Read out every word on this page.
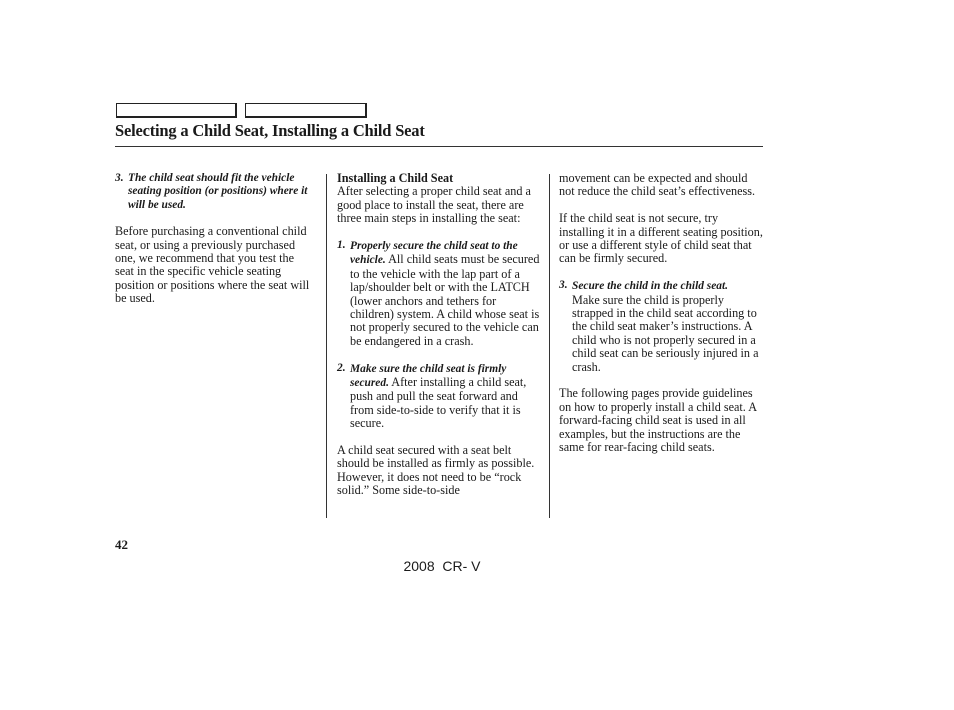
Selecting a Child Seat, Installing a Child Seat
3. The child seat should fit the vehicle seating position (or positions) where it will be used.

Before purchasing a conventional child seat, or using a previously purchased one, we recommend that you test the seat in the specific vehicle seating position or positions where the seat will be used.

Installing a Child Seat

After selecting a proper child seat and a good place to install the seat, there are three main steps in installing the seat:

1. Properly secure the child seat to the vehicle. All child seats must be secured to the vehicle with the lap part of a lap/shoulder belt or with the LATCH (lower anchors and tethers for children) system. A child whose seat is not properly secured to the vehicle can be endangered in a crash.
2. Make sure the child seat is firmly secured. After installing a child seat, push and pull the seat forward and from side-to-side to verify that it is secure.

A child seat secured with a seat belt should be installed as firmly as possible. However, it does not need to be “rock solid.” Some side-to-side

movement can be expected and should not reduce the child seat’s effectiveness.

If the child seat is not secure, try installing it in a different seating position, or use a different style of child seat that can be firmly secured.

3. Secure the child in the child seat.
Make sure the child is properly strapped in the child seat according to the child seat maker’s instructions. A child who is not properly secured in a child seat can be seriously injured in a crash.

The following pages provide guidelines on how to properly install a child seat. A forward-facing child seat is used in all examples, but the instructions are the same for rear-facing child seats.

42
2008  CR- V
